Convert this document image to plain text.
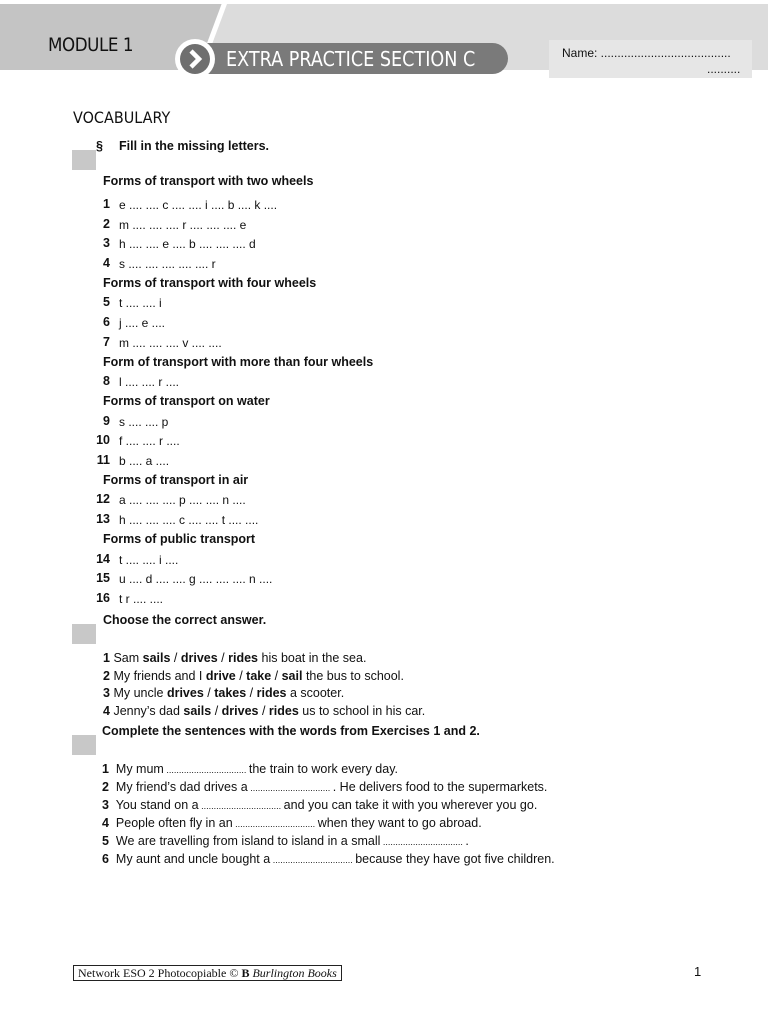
MODULE 1
EXTRA PRACTICE SECTION C	Name: .......................................
..........
VOCABULARY
§ Fill in the missing letters.
Forms of transport with two wheels
1 e .... .... c .... .... i .... b .... k ....
2 m .... .... .... r .... .... .... e
3 h .... .... e .... b .... .... .... d
4 s .... .... .... .... .... r
Forms of transport with four wheels
5 t .... .... i
6 j .... e ....
7 m .... .... .... v .... ....
Form of transport with more than four wheels
8 l .... .... r ....
Forms of transport on water
9 s .... .... p
10 f .... .... r ....
11 b .... a ....
Forms of transport in air
12 a .... .... .... p .... .... n ....
13 h .... .... .... c .... .... t .... ....
Forms of public transport
14 t .... .... i ....
15 u .... d .... .... g .... .... .... n ....
16 t r .... ....
Choose the correct answer.
1 Sam sails / drives / rides his boat in the sea.
2 My friends and I drive / take / sail the bus to school.
3 My uncle drives / takes / rides a scooter.
4 Jenny’s dad sails / drives / rides us to school in his car.
Complete the sentences with the words from Exercises 1 and 2.
1 My mum ................................ the train to work every day.
2 My friend’s dad drives a ................................ . He delivers food to the supermarkets.
3 You stand on a ................................ and you can take it with you wherever you go.
4 People often fly in an ................................ when they want to go abroad.
5 We are travelling from island to island in a small ................................ .
6 My aunt and uncle bought a ................................ because they have got five children.
Network ESO 2 Photocopiable © B Burlington Books	1
